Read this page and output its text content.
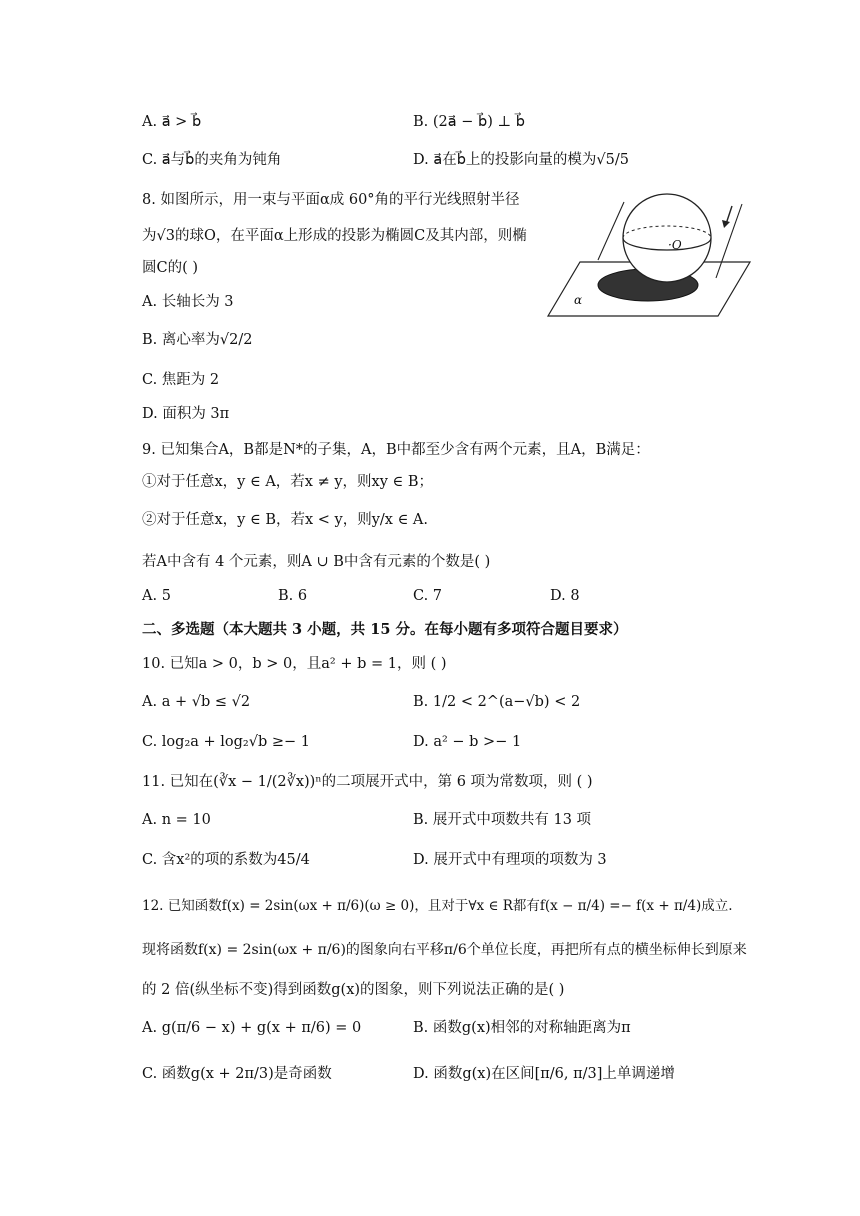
A. a⃗ > b⃗	B. (2a⃗ − b⃗) ⊥ b⃗
C. a⃗与b⃗的夹角为钝角	D. a⃗在b⃗上的投影向量的模为√5/5
8. 如图所示，用一束与平面α成 60°角的平行光线照射半径
为√3的球O，在平面α上形成的投影为椭圆C及其内部，则椭
圆C的( )
A. 长轴长为 3
B. 离心率为√2/2
C. 焦距为 2
D. 面积为 3π
·O
α
9. 已知集合A，B都是N*的子集，A，B中都至少含有两个元素，且A，B满足：
①对于任意x，y ∈ A，若x ≠ y，则xy ∈ B；
②对于任意x，y ∈ B，若x < y，则y/x ∈ A.
若A中含有 4 个元素，则A ∪ B中含有元素的个数是( )
A. 5	B. 6	C. 7	D. 8
二、多选题（本大题共 3 小题，共 15 分。在每小题有多项符合题目要求）
10. 已知a > 0，b > 0，且a² + b = 1，则 ( )
A. a + √b ≤ √2	B. 1/2 < 2^(a−√b) < 2
C. log₂a + log₂√b ≥− 1	D. a² − b >− 1
11. 已知在(∛x − 1/(2∛x))ⁿ的二项展开式中，第 6 项为常数项，则 ( )
A. n = 10	B. 展开式中项数共有 13 项
C. 含x²的项的系数为45/4	D. 展开式中有理项的项数为 3
12. 已知函数f(x) = 2sin(ωx + π/6)(ω ≥ 0)，且对于∀x ∈ R都有f(x − π/4) =− f(x + π/4)成立.
现将函数f(x) = 2sin(ωx + π/6)的图象向右平移π/6个单位长度，再把所有点的横坐标伸长到原来
的 2 倍(纵坐标不变)得到函数g(x)的图象，则下列说法正确的是( )
A. g(π/6 − x) + g(x + π/6) = 0	B. 函数g(x)相邻的对称轴距离为π
C. 函数g(x + 2π/3)是奇函数	D. 函数g(x)在区间[π/6, π/3]上单调递增
